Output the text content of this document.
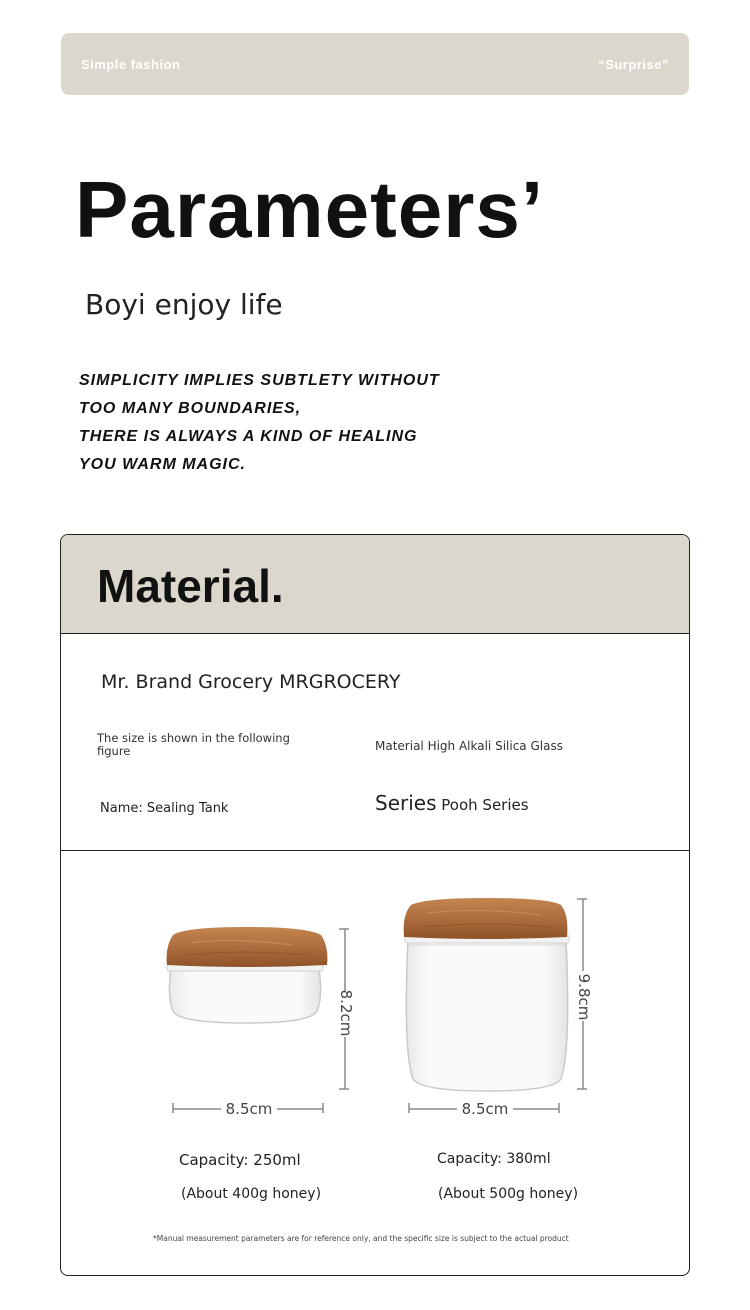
Simple fashion	“Surprise”
Parameters’
Boyi enjoy life
SIMPLICITY IMPLIES SUBTLETY WITHOUT
TOO MANY BOUNDARIES,
THERE IS ALWAYS A KIND OF HEALING
YOU WARM MAGIC.
Material.
Mr. Brand Grocery MRGROCERY
The size is shown in the following figure	Material High Alkali Silica Glass
Name: Sealing Tank	Series Pooh Series
8.2cm
8.5cm
9.8cm
8.5cm
Capacity: 250ml
(About 400g honey)
Capacity: 380ml
(About 500g honey)
*Manual measurement parameters are for reference only, and the specific size is subject to the actual product
